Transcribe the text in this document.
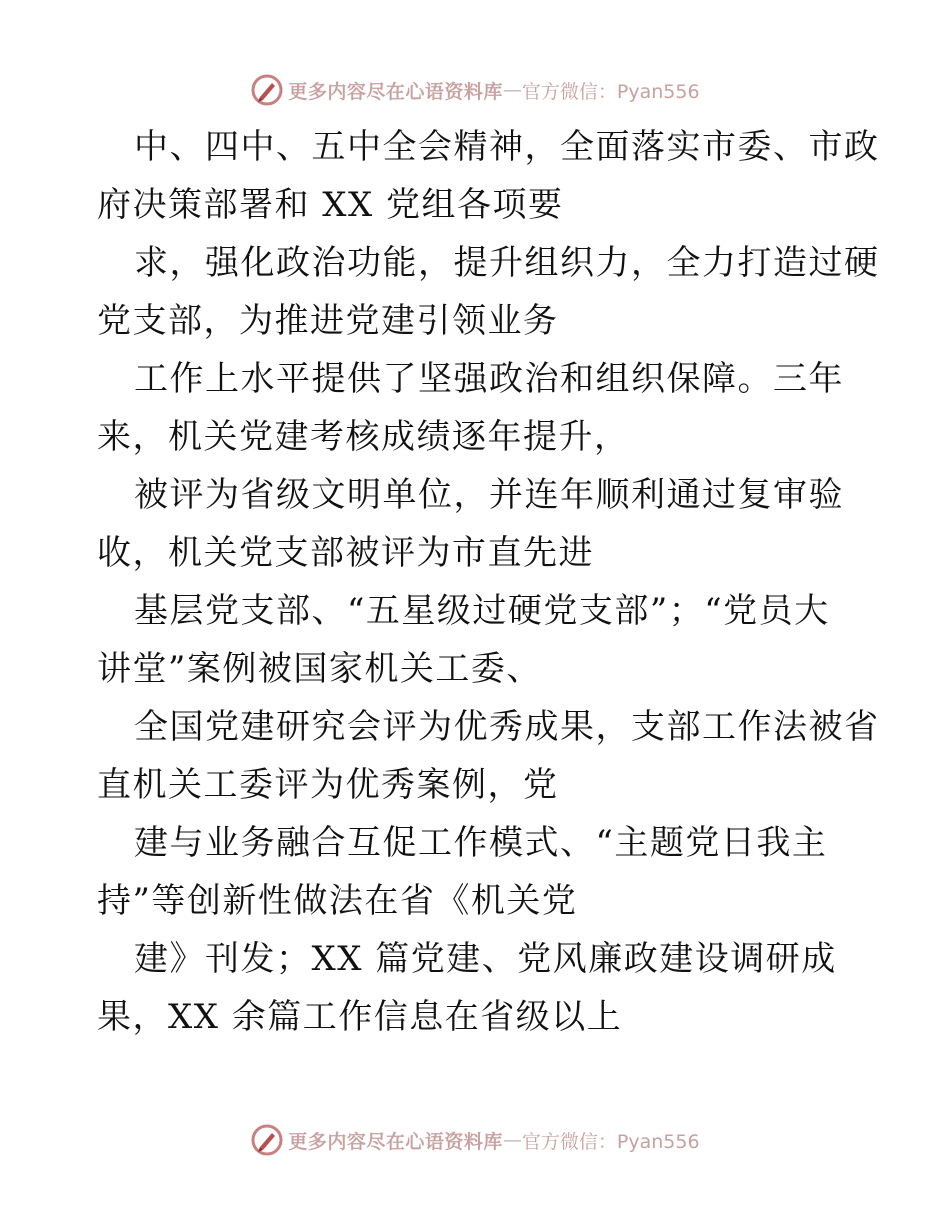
更多内容尽在心语资料库 — 官方微信：Pyan556
中、四中、五中全会精神，全面落实市委、市政
府决策部署和 XX 党组各项要
求，强化政治功能，提升组织力，全力打造过硬
党支部，为推进党建引领业务
工作上水平提供了坚强政治和组织保障。三年
来，机关党建考核成绩逐年提升，
被评为省级文明单位，并连年顺利通过复审验
收，机关党支部被评为市直先进
基层党支部、“五星级过硬党支部”；“党员大
讲堂”案例被国家机关工委、
全国党建研究会评为优秀成果，支部工作法被省
直机关工委评为优秀案例，党
建与业务融合互促工作模式、“主题党日我主
持”等创新性做法在省《机关党
建》刊发；XX 篇党建、党风廉政建设调研成
果，XX 余篇工作信息在省级以上
更多内容尽在心语资料库 — 官方微信：Pyan556
